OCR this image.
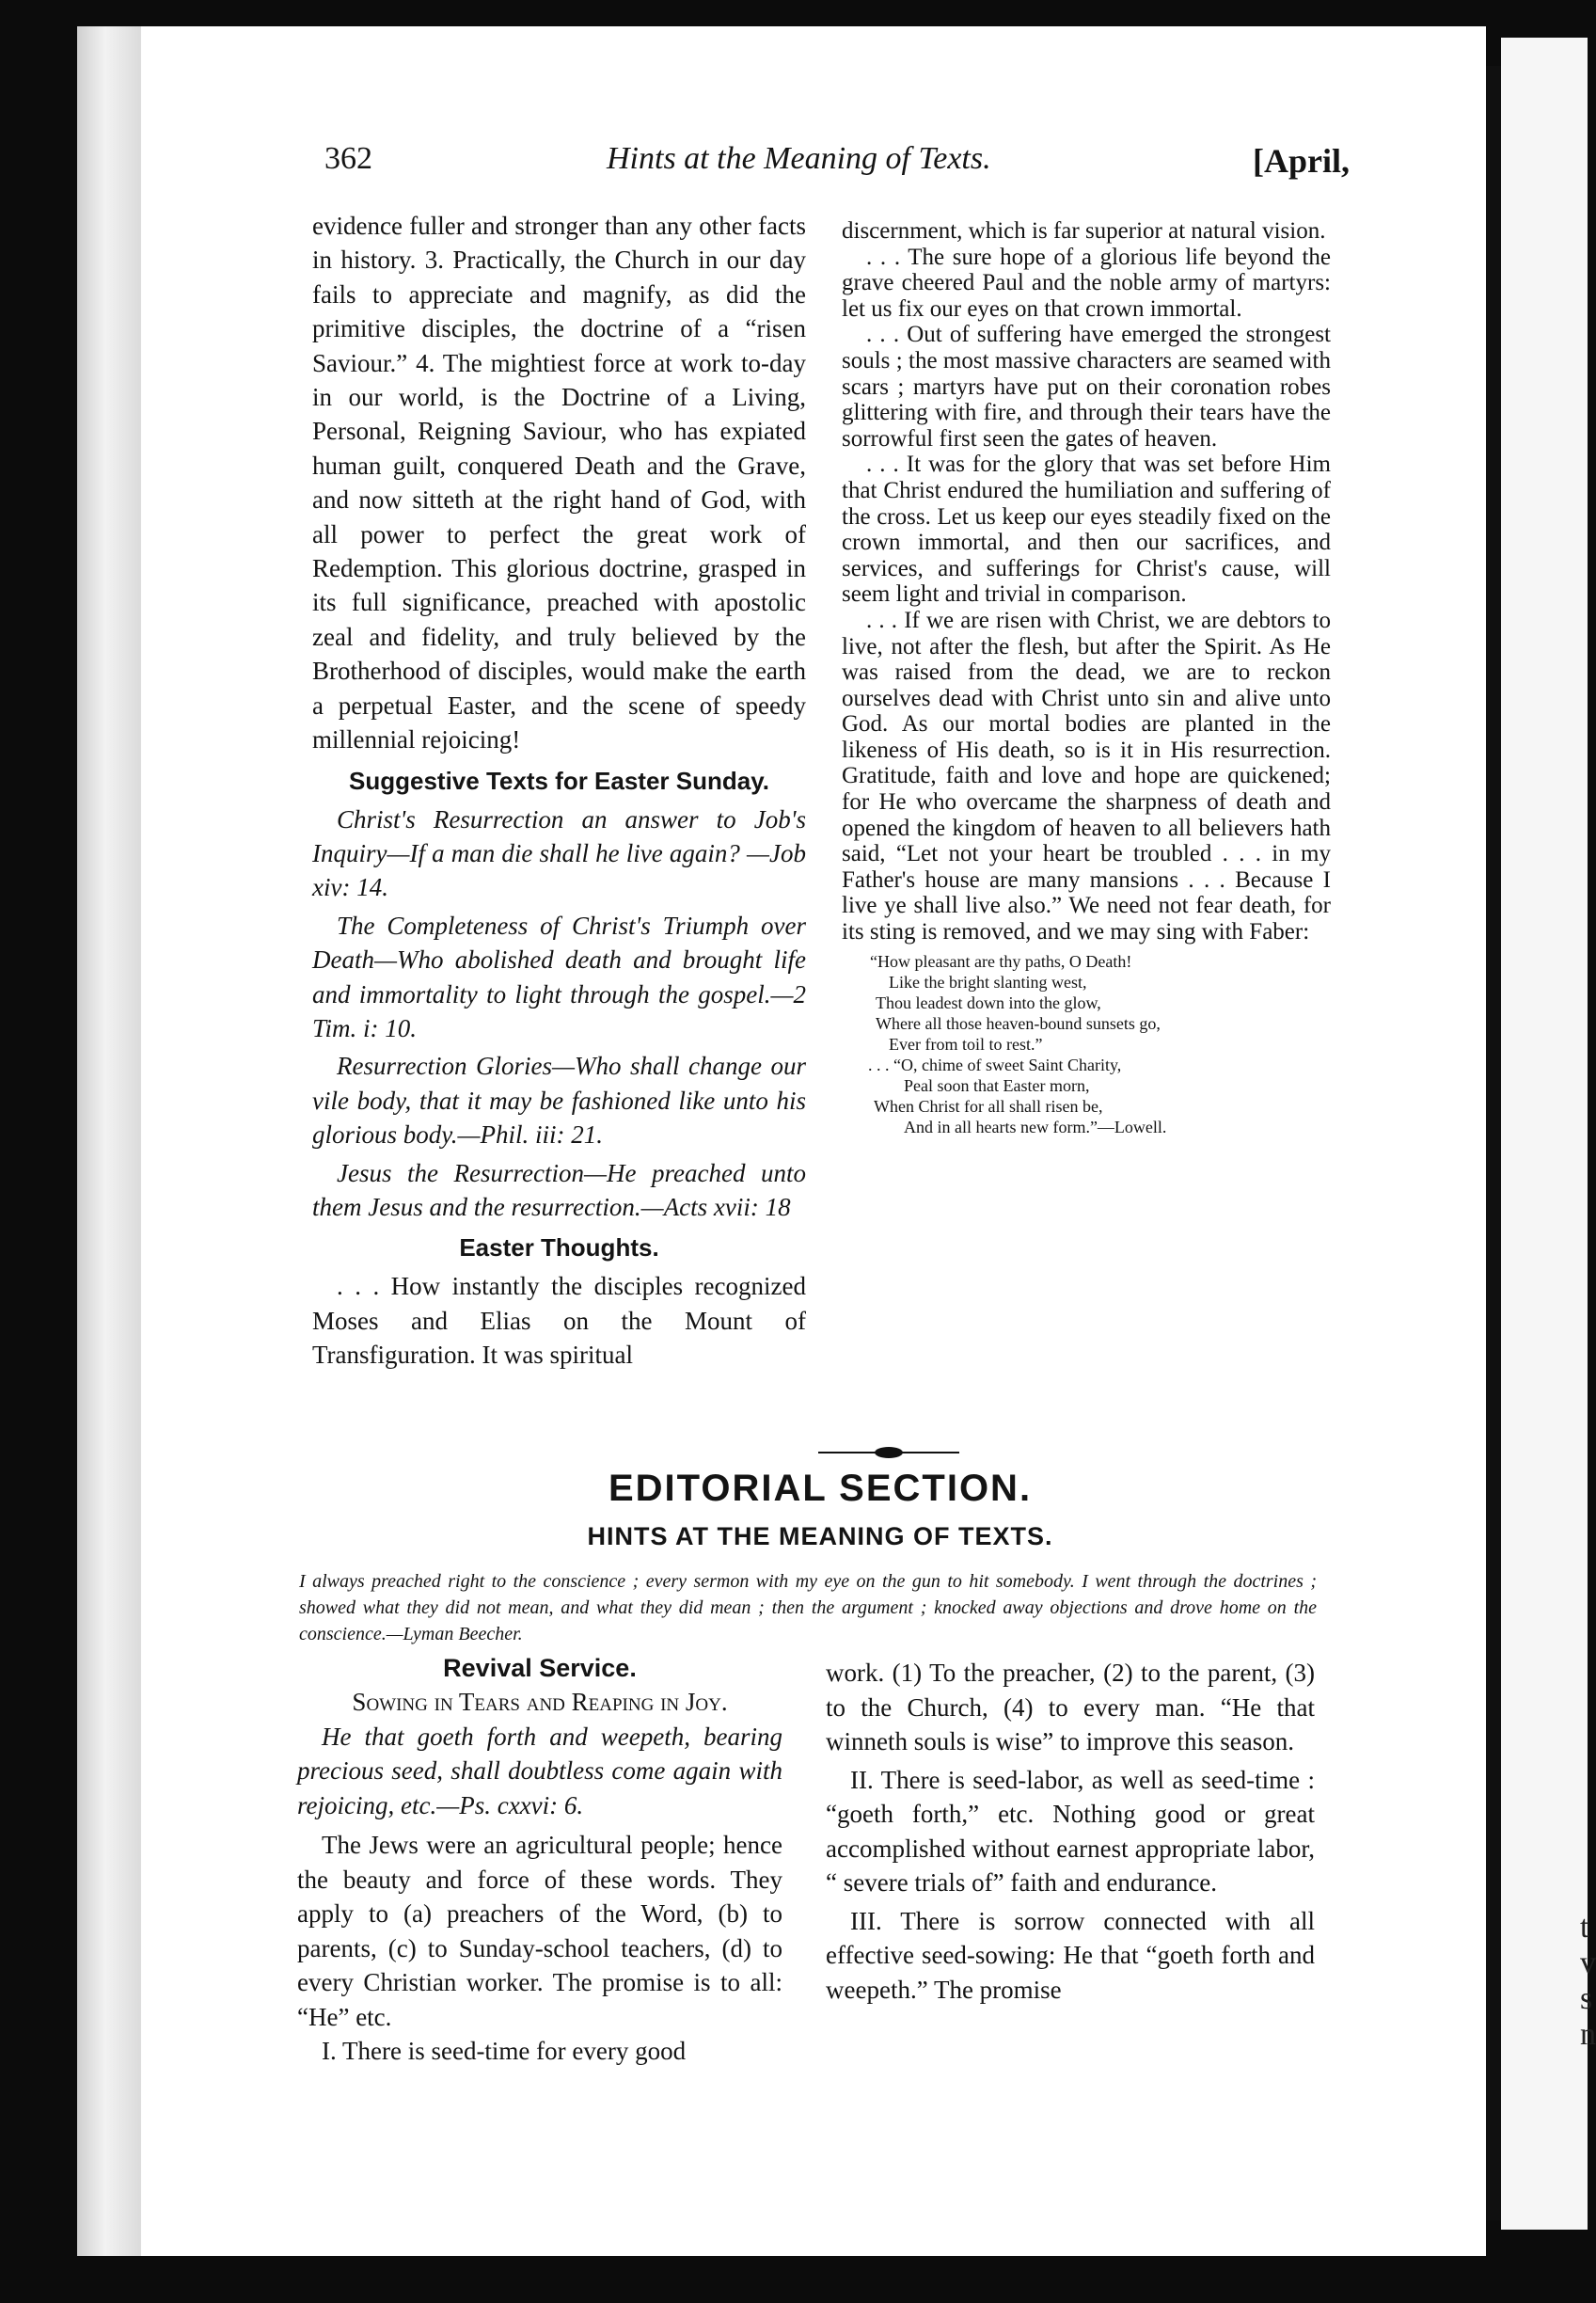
t
v
s
n
362	Hints at the Meaning of Texts.	[April,

evidence fuller and stronger than any other facts in history. 3. Practically, the Church in our day fails to appreciate and magnify, as did the primitive disciples, the doctrine of a “risen Saviour.” 4. The mightiest force at work to-day in our world, is the Doctrine of a Living, Personal, Reigning Saviour, who has expiated human guilt, conquered Death and the Grave, and now sitteth at the right hand of God, with all power to perfect the great work of Redemption. This glorious doctrine, grasped in its full significance, preached with apostolic zeal and fidelity, and truly believed by the Brotherhood of disciples, would make the earth a perpetual Easter, and the scene of speedy millennial rejoicing!

Suggestive Texts for Easter Sunday.

Christ's Resurrection an answer to Job's Inquiry—If a man die shall he live again? —Job xiv: 14.

The Completeness of Christ's Triumph over Death—Who abolished death and brought life and immortality to light through the gospel.—2 Tim. i: 10.

Resurrection Glories—Who shall change our vile body, that it may be fashioned like unto his glorious body.—Phil. iii: 21.

Jesus the Resurrection—He preached unto them Jesus and the resurrection.—Acts xvii: 18

Easter Thoughts.

. . . How instantly the disciples recognized Moses and Elias on the Mount of Transfiguration. It was spiritual

discernment, which is far superior at natural vision.

. . . The sure hope of a glorious life beyond the grave cheered Paul and the noble army of martyrs: let us fix our eyes on that crown immortal.

. . . Out of suffering have emerged the strongest souls ; the most massive characters are seamed with scars ; martyrs have put on their coronation robes glittering with fire, and through their tears have the sorrowful first seen the gates of heaven.

. . . It was for the glory that was set before Him that Christ endured the humiliation and suffering of the cross. Let us keep our eyes steadily fixed on the crown immortal, and then our sacrifices, and services, and sufferings for Christ's cause, will seem light and trivial in comparison.

. . . If we are risen with Christ, we are debtors to live, not after the flesh, but after the Spirit. As He was raised from the dead, we are to reckon ourselves dead with Christ unto sin and alive unto God. As our mortal bodies are planted in the likeness of His death, so is it in His resurrection. Gratitude, faith and love and hope are quickened; for He who overcame the sharpness of death and opened the kingdom of heaven to all believers hath said, “Let not your heart be troubled . . . in my Father's house are many mansions . . . Because I live ye shall live also.” We need not fear death, for its sting is removed, and we may sing with Faber:

“How pleasant are thy paths, O Death!
Like the bright slanting west,
Thou leadest down into the glow,
Where all those heaven-bound sunsets go,
Ever from toil to rest.”
. . . “O, chime of sweet Saint Charity,
Peal soon that Easter morn,
When Christ for all shall risen be,
And in all hearts new form.”—Lowell.
EDITORIAL SECTION.
HINTS AT THE MEANING OF TEXTS.
I always preached right to the conscience ; every sermon with my eye on the gun to hit somebody. I went through the doctrines ; showed what they did not mean, and what they did mean ; then the argument ; knocked away objections and drove home on the conscience.—Lyman Beecher.
Revival Service.

Sowing in Tears and Reaping in Joy.

He that goeth forth and weepeth, bearing precious seed, shall doubtless come again with rejoicing, etc.—Ps. cxxvi: 6.

The Jews were an agricultural people; hence the beauty and force of these words. They apply to (a) preachers of the Word, (b) to parents, (c) to Sunday-school teachers, (d) to every Christian worker. The promise is to all: “He” etc.

I. There is seed-time for every good

work. (1) To the preacher, (2) to the parent, (3) to the Church, (4) to every man. “He that winneth souls is wise” to improve this season.

II. There is seed-labor, as well as seed-time : “goeth forth,” etc. Nothing good or great accomplished without earnest appropriate labor, “ severe trials of” faith and endurance.

III. There is sorrow connected with all effective seed-sowing: He that “goeth forth and weepeth.” The promise
